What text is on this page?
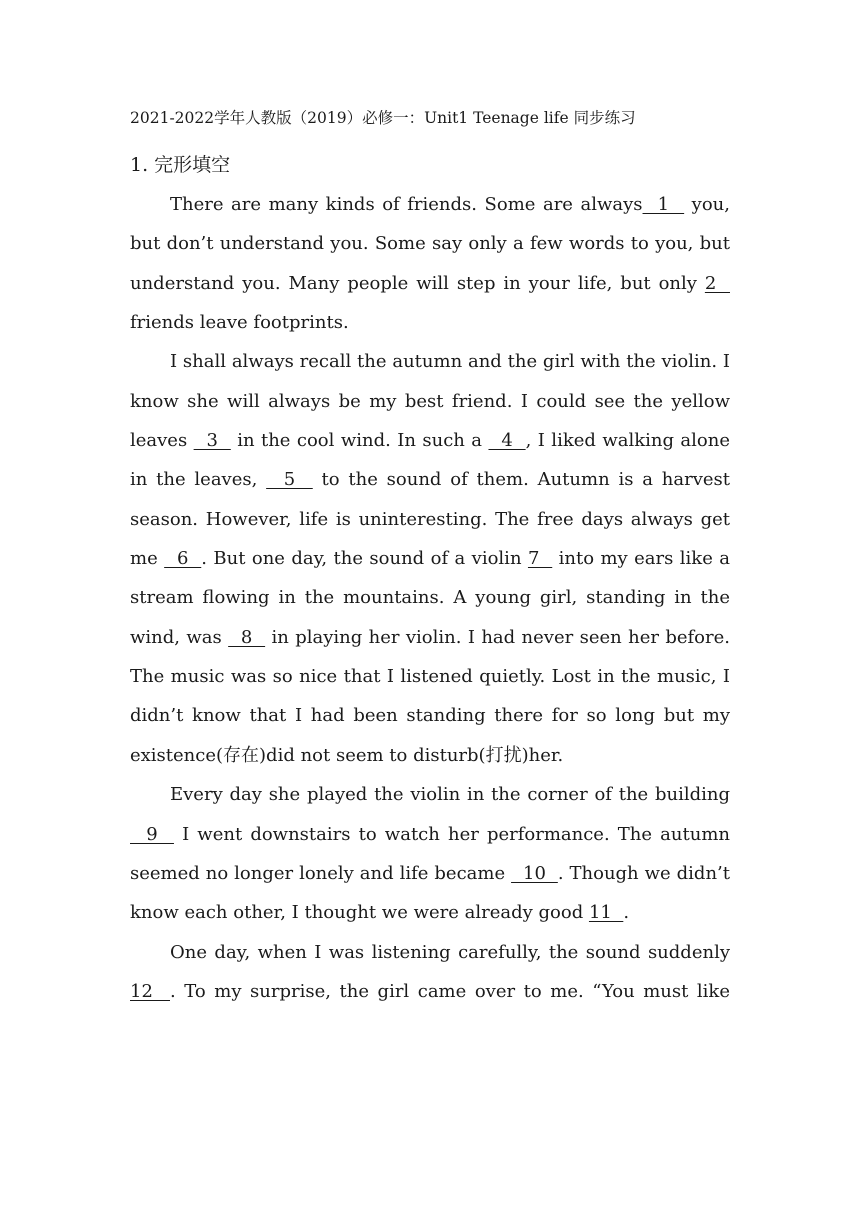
2021-2022学年人教版（2019）必修一：Unit1 Teenage life 同步练习
1. 完形填空

There are many kinds of friends. Some are always  1   you, but don’t understand you. Some say only a few words to you, but understand you. Many people will step in your life, but only 2   friends leave footprints.

I shall always recall the autumn and the girl with the violin. I know she will always be my best friend. I could see the yellow leaves   3   in the cool wind. In such a   4  , I liked walking alone in the leaves,   5   to the sound of them. Autumn is a harvest season. However, life is uninteresting. The free days always get me   6  . But one day, the sound of a violin 7   into my ears like a stream flowing in the mountains. A young girl, standing in the wind, was   8   in playing her violin. I had never seen her before. The music was so nice that I listened quietly. Lost in the music, I didn’t know that I had been standing there for so long but my existence(存在)did not seem to disturb(打扰)her.

Every day she played the violin in the corner of the building   9   I went downstairs to watch her performance. The autumn seemed no longer lonely and life became   10  . Though we didn’t know each other, I thought we were already good 11  .

One day, when I was listening carefully, the sound suddenly 12  . To my surprise, the girl came over to me. “You must like
